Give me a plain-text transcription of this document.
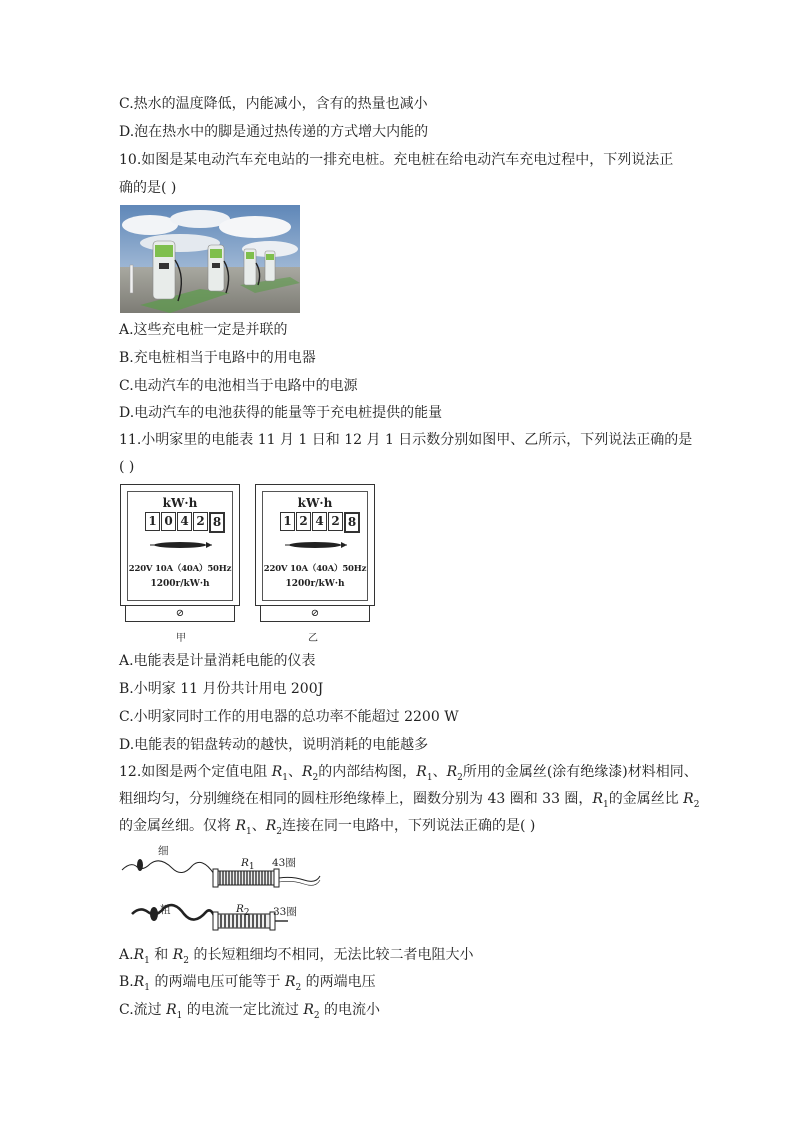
C.热水的温度降低，内能减小，含有的热量也减小
D.泡在热水中的脚是通过热传递的方式增大内能的
10.如图是某电动汽车充电站的一排充电桩。充电桩在给电动汽车充电过程中，下列说法正
确的是( )
A.这些充电桩一定是并联的
B.充电桩相当于电路中的用电器
C.电动汽车的电池相当于电路中的电源
D.电动汽车的电池获得的能量等于充电桩提供的能量
11.小明家里的电能表 11 月 1 日和 12 月 1 日示数分别如图甲、乙所示，下列说法正确的是
( )
kW·h
1 0 4 2 8
220V 10A（40A）50Hz
1200r/kW·h
⊘
甲
kW·h
1 2 4 2 8
220V 10A（40A）50Hz
1200r/kW·h
⊘
乙
A.电能表是计量消耗电能的仪表
B.小明家 11 月份共计用电 200J
C.小明家同时工作的用电器的总功率不能超过 2200 W
D.电能表的铝盘转动的越快，说明消耗的电能越多
12.如图是两个定值电阻 $R_1$、$R_2$的内部结构图，$R_1$、$R_2$所用的金属丝(涂有绝缘漆)材料相同、
粗细均匀，分别缠绕在相同的圆柱形绝缘棒上，圈数分别为 43 圈和 33 圈，$R_1$的金属丝比 $R_2$
的金属丝细。仅将 $R_1$、$R_2$连接在同一电路中，下列说法正确的是( )
细
$R_1$ 43圈
粗	$R_2$ 33圈
$A.R_1$ 和 $R_2$ 的长短粗细均不相同，无法比较二者电阻大小
$B.R_1$ 的两端电压可能等于 $R_2$ 的两端电压
C.流过 $R_1$ 的电流一定比流过 $R_2$ 的电流小
